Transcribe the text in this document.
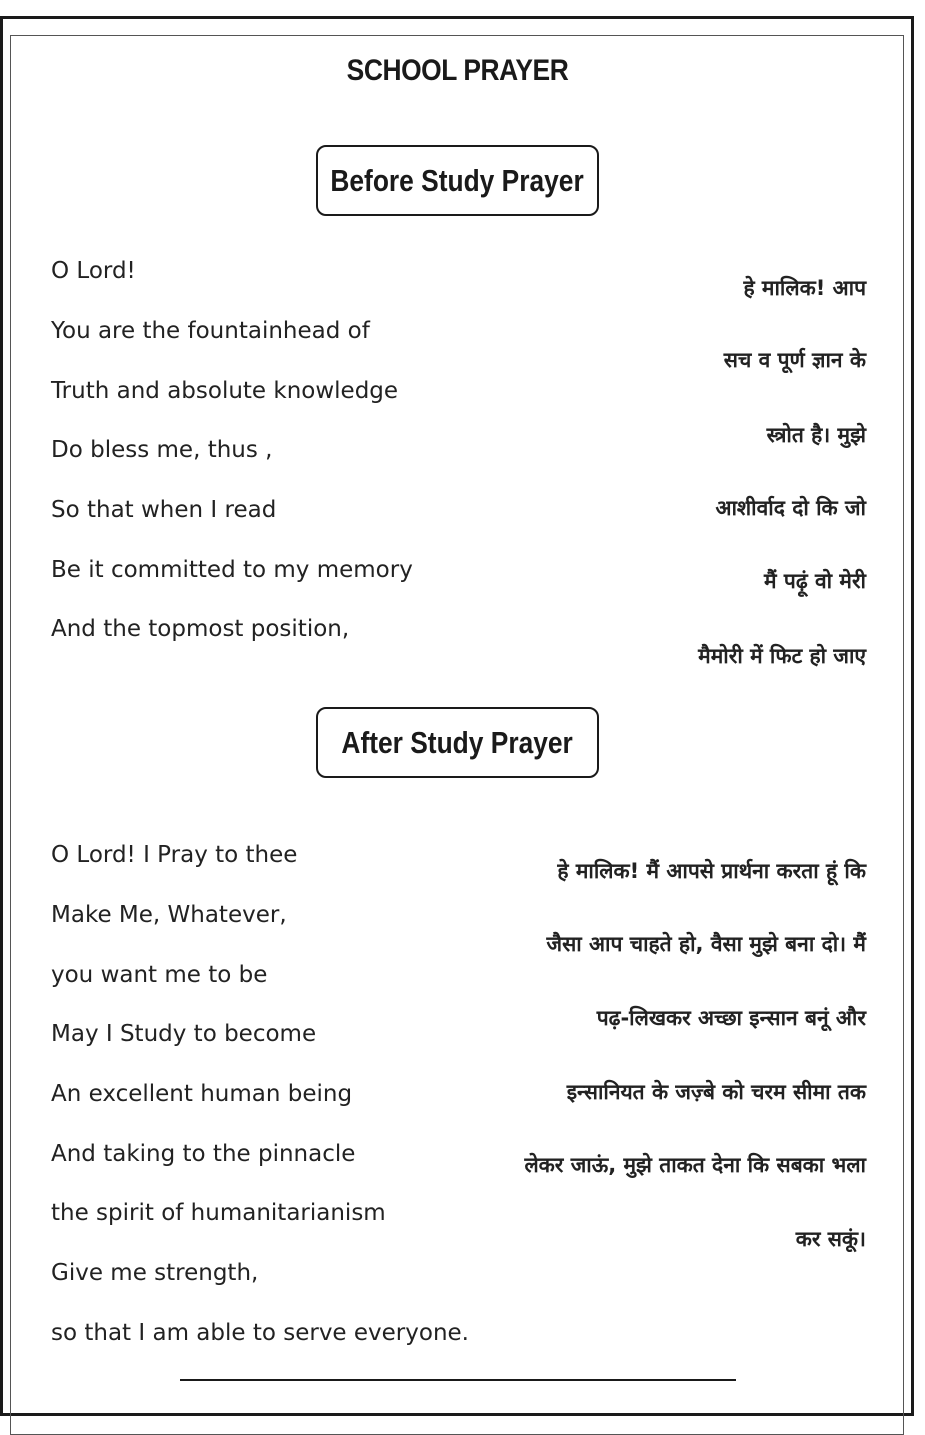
SCHOOL PRAYER
Before Study Prayer
O Lord!
You are the fountainhead of
Truth and absolute knowledge
Do bless me, thus ,
So that when I read
Be it committed to my memory
And the topmost position,
हे मालिक! आप
सच व पूर्ण ज्ञान के
स्त्रोत है। मुझे
आशीर्वाद दो कि जो
मैं पढ़ूं वो मेरी
मैमोरी में फिट हो जाए
After Study Prayer
O Lord! I Pray to thee
Make Me, Whatever,
you want me to be
May I Study to become
An excellent human being
And taking to the pinnacle
the spirit of humanitarianism
Give me strength,
so that I am able to serve everyone.
हे मालिक! मैं आपसे प्रार्थना करता हूं कि
जैसा आप चाहते हो, वैसा मुझे बना दो। मैं
पढ़-लिखकर अच्छा इन्सान बनूं और
इन्सानियत के जज़्बे को चरम सीमा तक
लेकर जाऊं, मुझे ताकत देना कि सबका भला
कर सकूं।
